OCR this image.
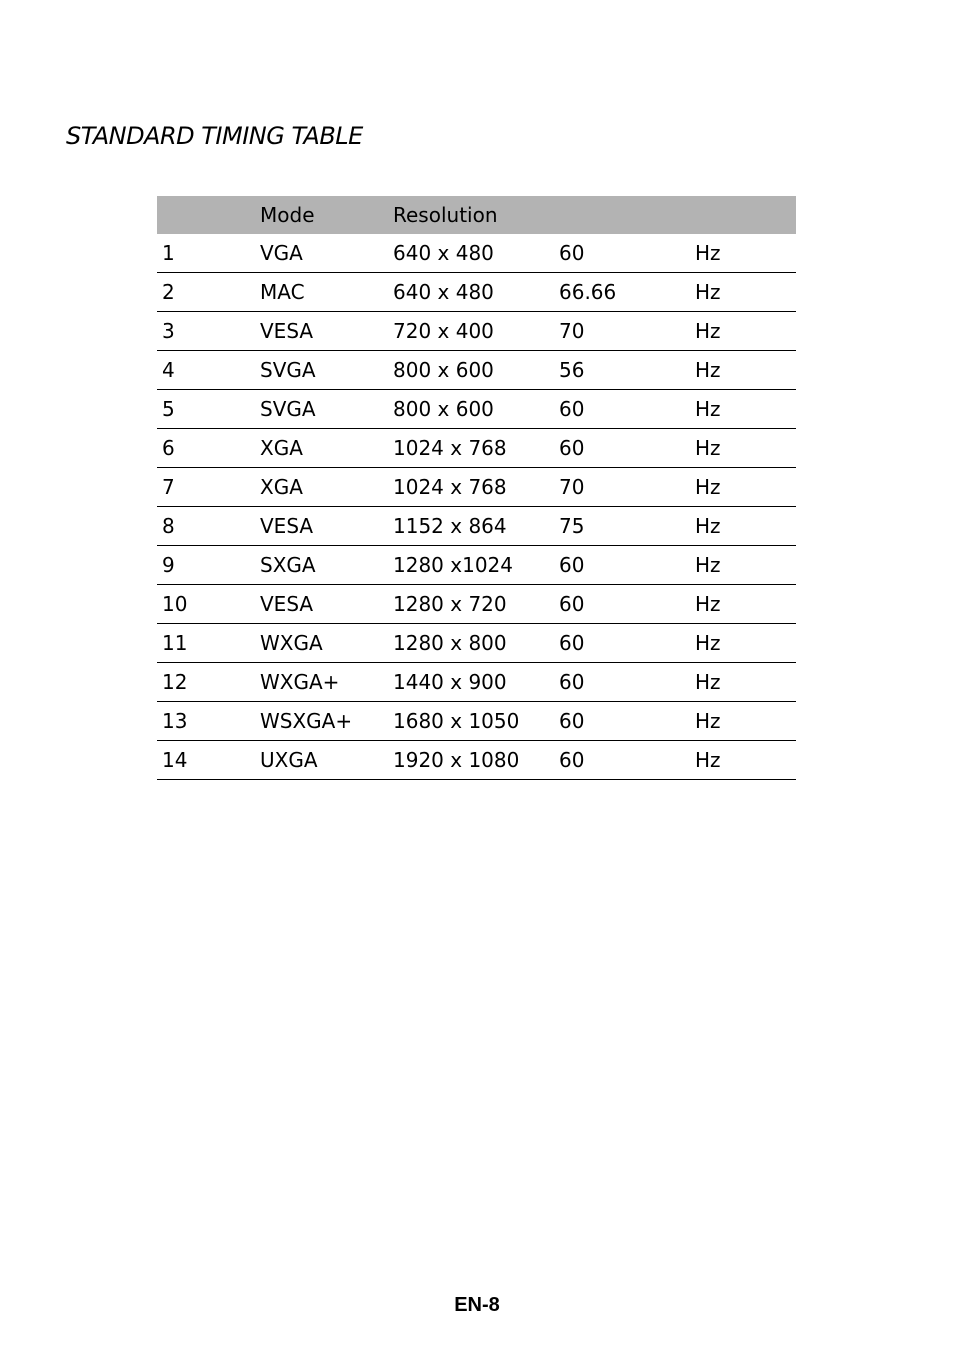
STANDARD TIMING TABLE
	Mode	Resolution		
1	VGA	640 x 480	60	Hz
2	MAC	640 x 480	66.66	Hz
3	VESA	720 x 400	70	Hz
4	SVGA	800 x 600	56	Hz
5	SVGA	800 x 600	60	Hz
6	XGA	1024 x 768	60	Hz
7	XGA	1024 x 768	70	Hz
8	VESA	1152 x 864	75	Hz
9	SXGA	1280 x1024	60	Hz
10	VESA	1280 x 720	60	Hz
11	WXGA	1280 x 800	60	Hz
12	WXGA+	1440 x 900	60	Hz
13	WSXGA+	1680 x 1050	60	Hz
14	UXGA	1920 x 1080	60	Hz

EN-8
